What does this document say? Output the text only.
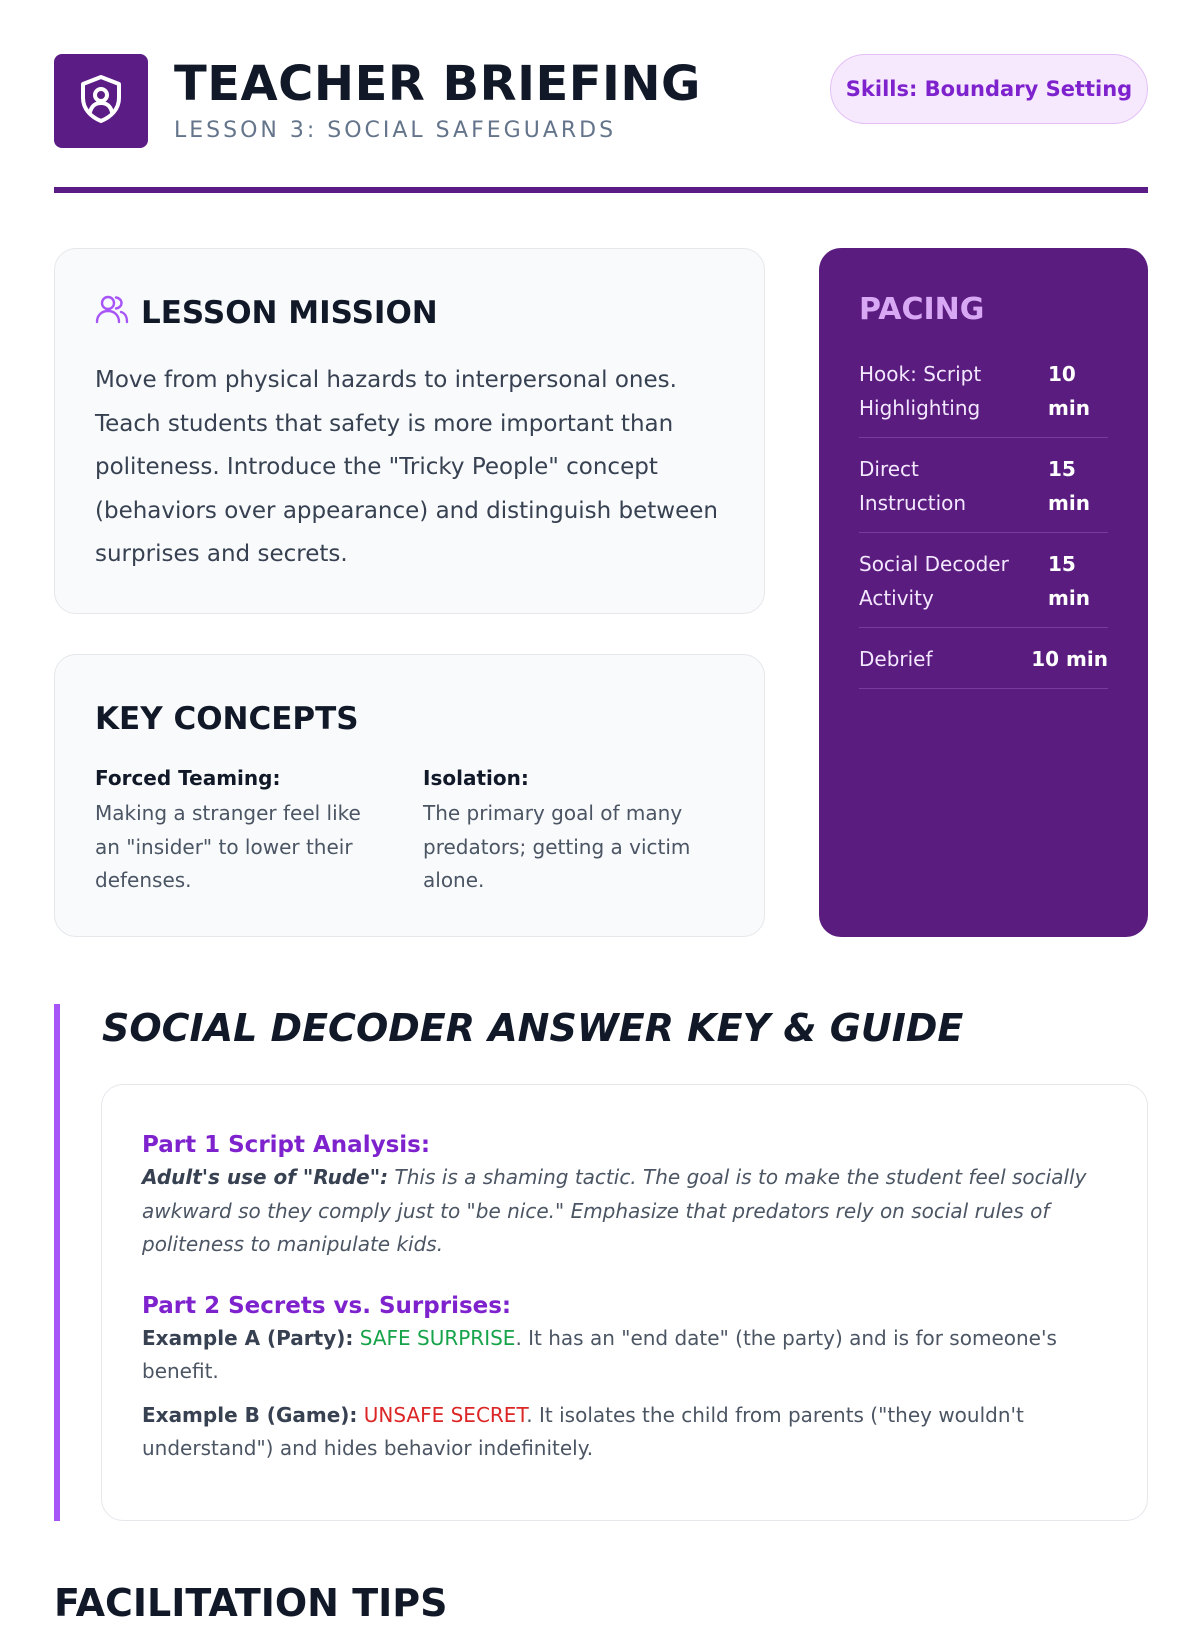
TEACHER BRIEFING
LESSON 3: SOCIAL SAFEGUARDS
Skills: Boundary Setting
LESSON MISSION
Move from physical hazards to interpersonal ones. Teach students that safety is more important than politeness. Introduce the "Tricky People" concept (behaviors over appearance) and distinguish between surprises and secrets.
KEY CONCEPTS
Forced Teaming:
Making a stranger feel like an "insider" to lower their defenses.
Isolation:
The primary goal of many predators; getting a victim alone.
PACING
Hook: Script Highlighting
10 min
Direct Instruction
15 min
Social Decoder Activity
15 min
Debrief	10 min
SOCIAL DECODER ANSWER KEY & GUIDE
Part 1 Script Analysis:
Adult's use of "Rude": This is a shaming tactic. The goal is to make the student feel socially awkward so they comply just to "be nice." Emphasize that predators rely on social rules of politeness to manipulate kids.
Part 2 Secrets vs. Surprises:
Example A (Party): SAFE SURPRISE. It has an "end date" (the party) and is for someone's benefit.
Example B (Game): UNSAFE SECRET. It isolates the child from parents ("they wouldn't understand") and hides behavior indefinitely.
FACILITATION TIPS
